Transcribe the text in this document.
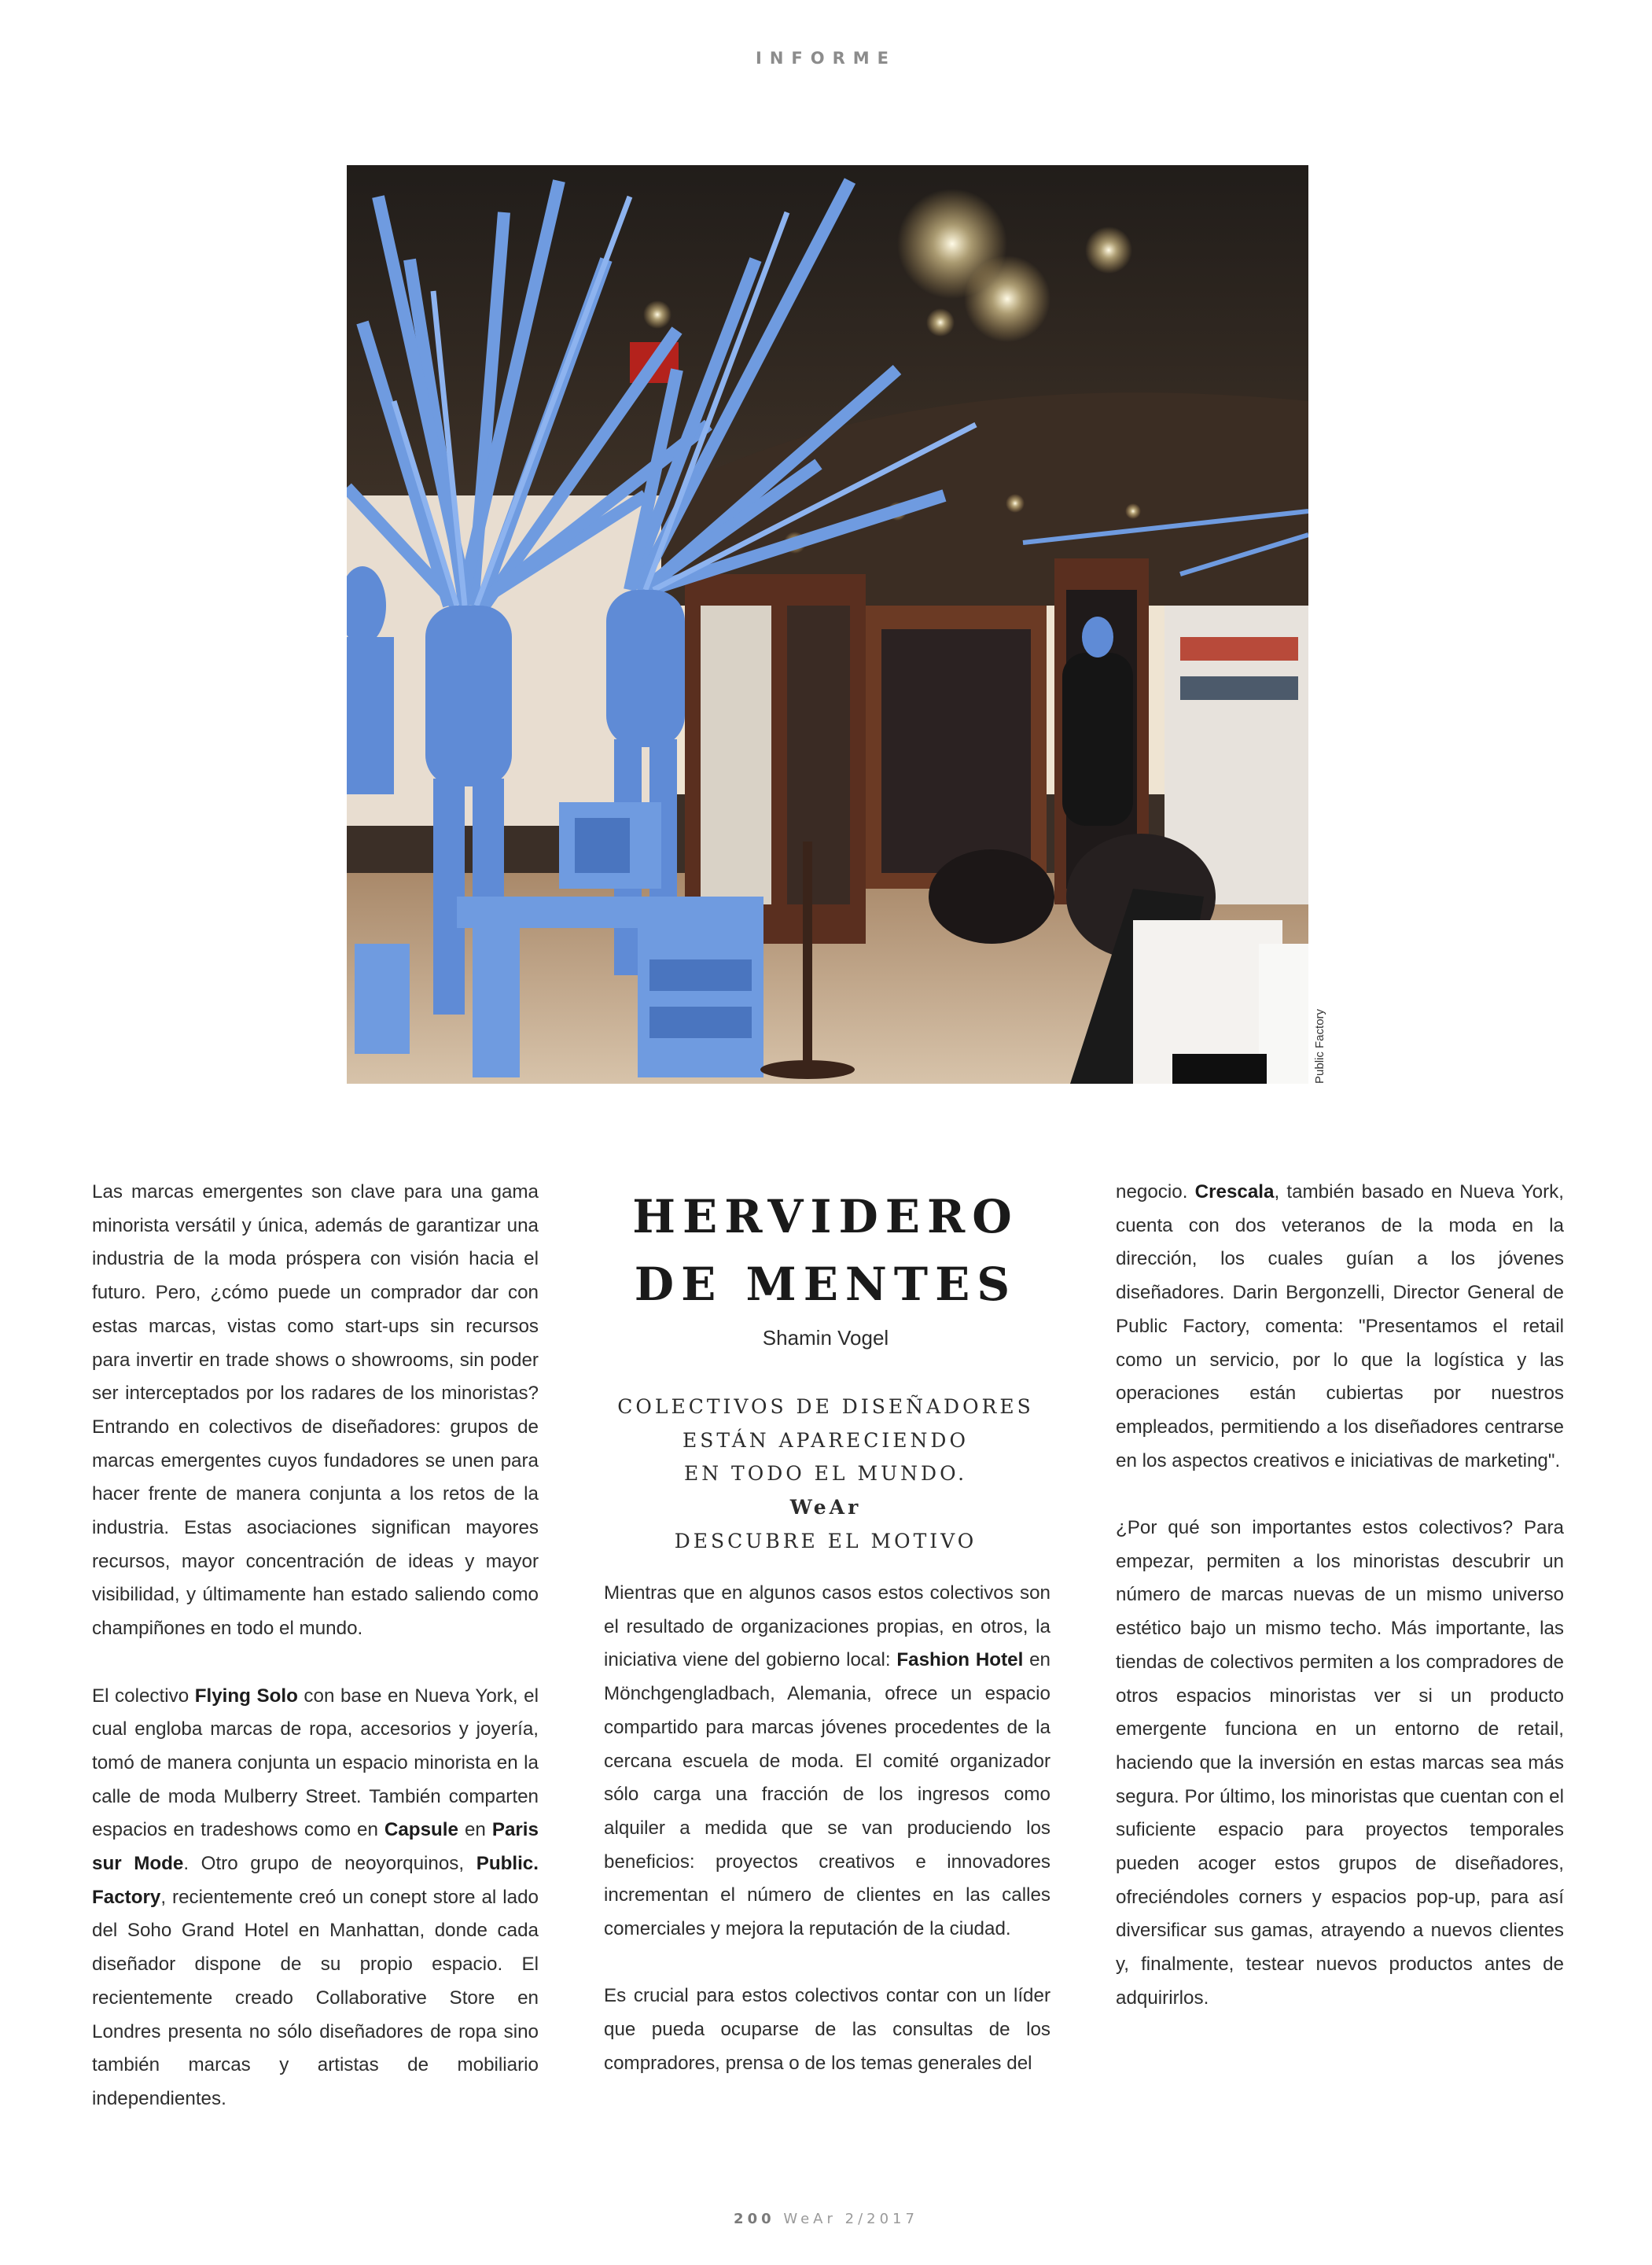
INFORME
Public Factory

Las marcas emergentes son clave para una gama minorista versátil y única, además de garantizar una industria de la moda próspera con visión hacia el futuro. Pero, ¿cómo puede un comprador dar con estas marcas, vistas como start-ups sin recursos para invertir en trade shows o showrooms, sin poder ser interceptados por los radares de los minoristas? Entrando en colectivos de diseñadores: grupos de marcas emergentes cuyos fundadores se unen para hacer frente de manera conjunta a los retos de la industria. Estas asociaciones significan mayores recursos, mayor concentración de ideas y mayor visibilidad, y últimamente han estado saliendo como champiñones en todo el mundo.

El colectivo Flying Solo con base en Nueva York, el cual engloba marcas de ropa, accesorios y joyería, tomó de manera conjunta un espacio minorista en la calle de moda Mulberry Street. También comparten espacios en tradeshows como en Capsule en Paris sur Mode. Otro grupo de neoyorquinos, Public. Factory, recientemente creó un conept store al lado del Soho Grand Hotel en Manhattan, donde cada diseñador dispone de su propio espacio. El recientemente creado Collaborative Store en Londres presenta no sólo diseñadores de ropa sino también marcas y artistas de mobiliario independientes.

HERVIDERO
DE MENTES
Shamin Vogel
COLECTIVOS DE DISEÑADORES
ESTÁN APARECIENDO
EN TODO EL MUNDO.
WeAr
DESCUBRE EL MOTIVO

Mientras que en algunos casos estos colectivos son el resultado de organizaciones propias, en otros, la iniciativa viene del gobierno local: Fashion Hotel en Mönchgengladbach, Alemania, ofrece un espacio compartido para marcas jóvenes procedentes de la cercana escuela de moda. El comité organizador sólo carga una fracción de los ingresos como alquiler a medida que se van produciendo los beneficios: proyectos creativos e innovadores incrementan el número de clientes en las calles comerciales y mejora la reputación de la ciudad.

Es crucial para estos colectivos contar con un líder que pueda ocuparse de las consultas de los compradores, prensa o de los temas generales del

negocio. Crescala, también basado en Nueva York, cuenta con dos veteranos de la moda en la dirección, los cuales guían a los jóvenes diseñadores. Darin Bergonzelli, Director General de Public Factory, comenta: "Presentamos el retail como un servicio, por lo que la logística y las operaciones están cubiertas por nuestros empleados, permitiendo a los diseñadores centrarse en los aspectos creativos e iniciativas de marketing".

¿Por qué son importantes estos colectivos? Para empezar, permiten a los minoristas descubrir un número de marcas nuevas de un mismo universo estético bajo un mismo techo. Más importante, las tiendas de colectivos permiten a los compradores de otros espacios minoristas ver si un producto emergente funciona en un entorno de retail, haciendo que la inversión en estas marcas sea más segura. Por último, los minoristas que cuentan con el suficiente espacio para proyectos temporales pueden acoger estos grupos de diseñadores, ofreciéndoles corners y espacios pop-up, para así diversificar sus gamas, atrayendo a nuevos clientes y, finalmente, testear nuevos productos antes de adquirirlos.

200 WeAr 2/2017
